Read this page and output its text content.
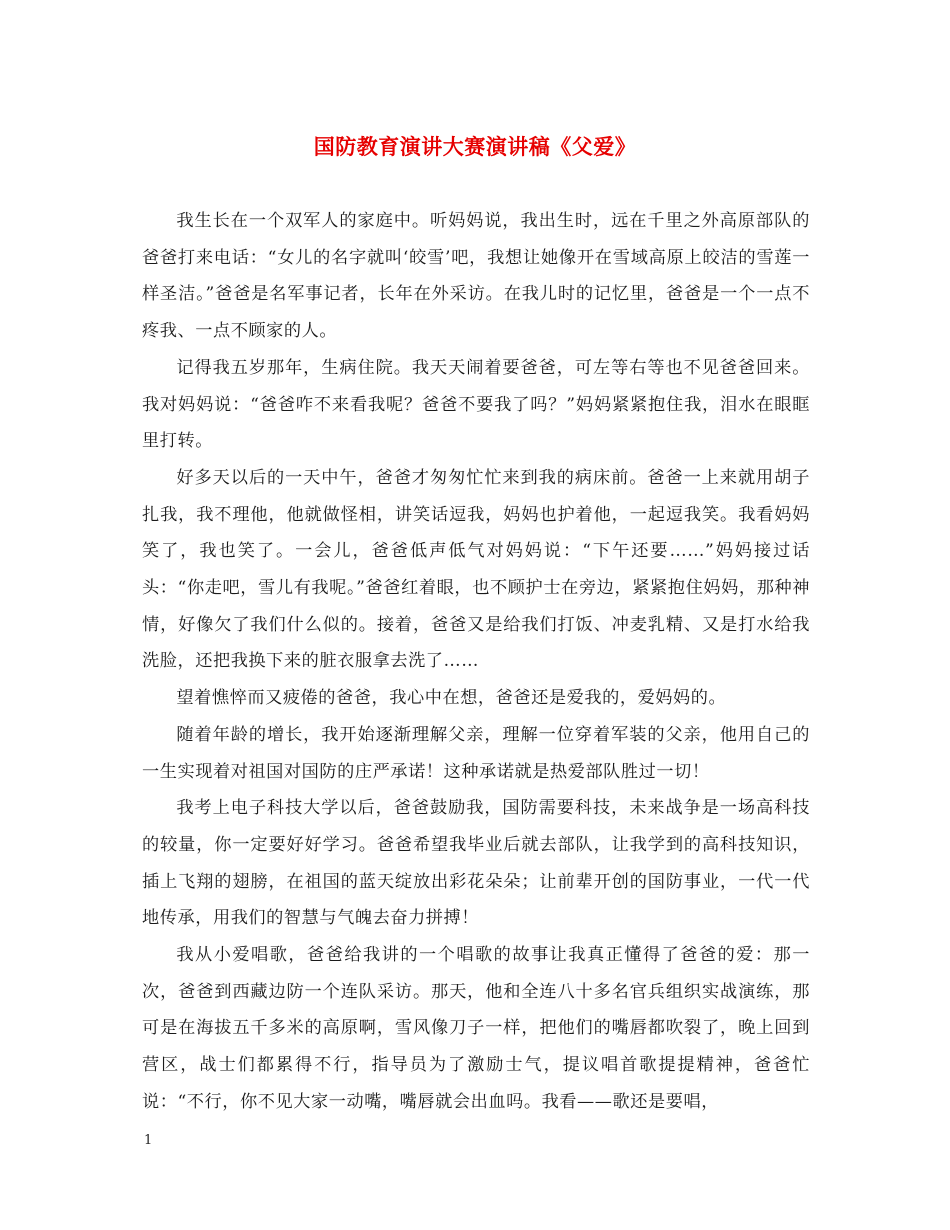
国防教育演讲大赛演讲稿《父爱》

我生长在一个双军人的家庭中。听妈妈说，我出生时，远在千里之外高原部队的爸爸打来电话：“女儿的名字就叫‘皎雪’吧，我想让她像开在雪域高原上皎洁的雪莲一样圣洁。”爸爸是名军事记者，长年在外采访。在我儿时的记忆里，爸爸是一个一点不疼我、一点不顾家的人。

记得我五岁那年，生病住院。我天天闹着要爸爸，可左等右等也不见爸爸回来。我对妈妈说：“爸爸咋不来看我呢？爸爸不要我了吗？”妈妈紧紧抱住我，泪水在眼眶里打转。

好多天以后的一天中午，爸爸才匆匆忙忙来到我的病床前。爸爸一上来就用胡子扎我，我不理他，他就做怪相，讲笑话逗我，妈妈也护着他，一起逗我笑。我看妈妈笑了，我也笑了。一会儿，爸爸低声低气对妈妈说：“下午还要……”妈妈接过话头：“你走吧，雪儿有我呢。”爸爸红着眼，也不顾护士在旁边，紧紧抱住妈妈，那种神情，好像欠了我们什么似的。接着，爸爸又是给我们打饭、冲麦乳精、又是打水给我洗脸，还把我换下来的脏衣服拿去洗了……

望着憔悴而又疲倦的爸爸，我心中在想，爸爸还是爱我的，爱妈妈的。

随着年龄的增长，我开始逐渐理解父亲，理解一位穿着军装的父亲，他用自己的一生实现着对祖国对国防的庄严承诺！这种承诺就是热爱部队胜过一切！

我考上电子科技大学以后，爸爸鼓励我，国防需要科技，未来战争是一场高科技的较量，你一定要好好学习。爸爸希望我毕业后就去部队，让我学到的高科技知识，插上飞翔的翅膀，在祖国的蓝天绽放出彩花朵朵；让前辈开创的国防事业，一代一代地传承，用我们的智慧与气魄去奋力拼搏！

我从小爱唱歌，爸爸给我讲的一个唱歌的故事让我真正懂得了爸爸的爱：那一次，爸爸到西藏边防一个连队采访。那天，他和全连八十多名官兵组织实战演练，那可是在海拔五千多米的高原啊，雪风像刀子一样，把他们的嘴唇都吹裂了，晚上回到营区，战士们都累得不行，指导员为了激励士气，提议唱首歌提提精神，爸爸忙说：“不行，你不见大家一动嘴，嘴唇就会出血吗。我看——歌还是要唱，

1
